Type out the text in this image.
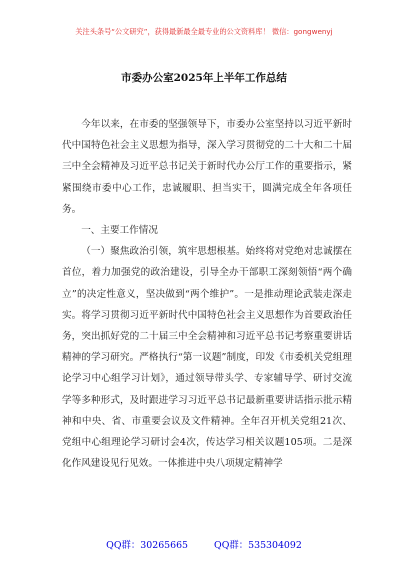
关注头条号“公文研究”，获得最新最全最专业的公文资料库！ 微信：gongwenyj
市委办公室2025年上半年工作总结

今年以来，在市委的坚强领导下，市委办公室坚持以习近平新时代中国特色社会主义思想为指导，深入学习贯彻党的二十大和二十届三中全会精神及习近平总书记关于新时代办公厅工作的重要指示，紧紧围绕市委中心工作，忠诚履职、担当实干，圆满完成全年各项任务。

一、主要工作情况

（一）聚焦政治引领，筑牢思想根基。始终将对党绝对忠诚摆在首位，着力加强党的政治建设，引导全办干部职工深刻领悟“两个确立”的决定性意义，坚决做到“两个维护”。一是推动理论武装走深走实。将学习贯彻习近平新时代中国特色社会主义思想作为首要政治任务，突出抓好党的二十届三中全会精神和习近平总书记考察重要讲话精神的学习研究。严格执行“第一议题”制度，印发《市委机关党组理论学习中心组学习计划》，通过领导带头学、专家辅导学、研讨交流学等多种形式，及时跟进学习习近平总书记最新重要讲话指示批示精神和中央、省、市重要会议及文件精神。全年召开机关党组21次、党组中心组理论学习研讨会4次，传达学习相关议题105项。二是深化作风建设见行见效。一体推进中央八项规定精神学

QQ群：30265665	QQ群：535304092
